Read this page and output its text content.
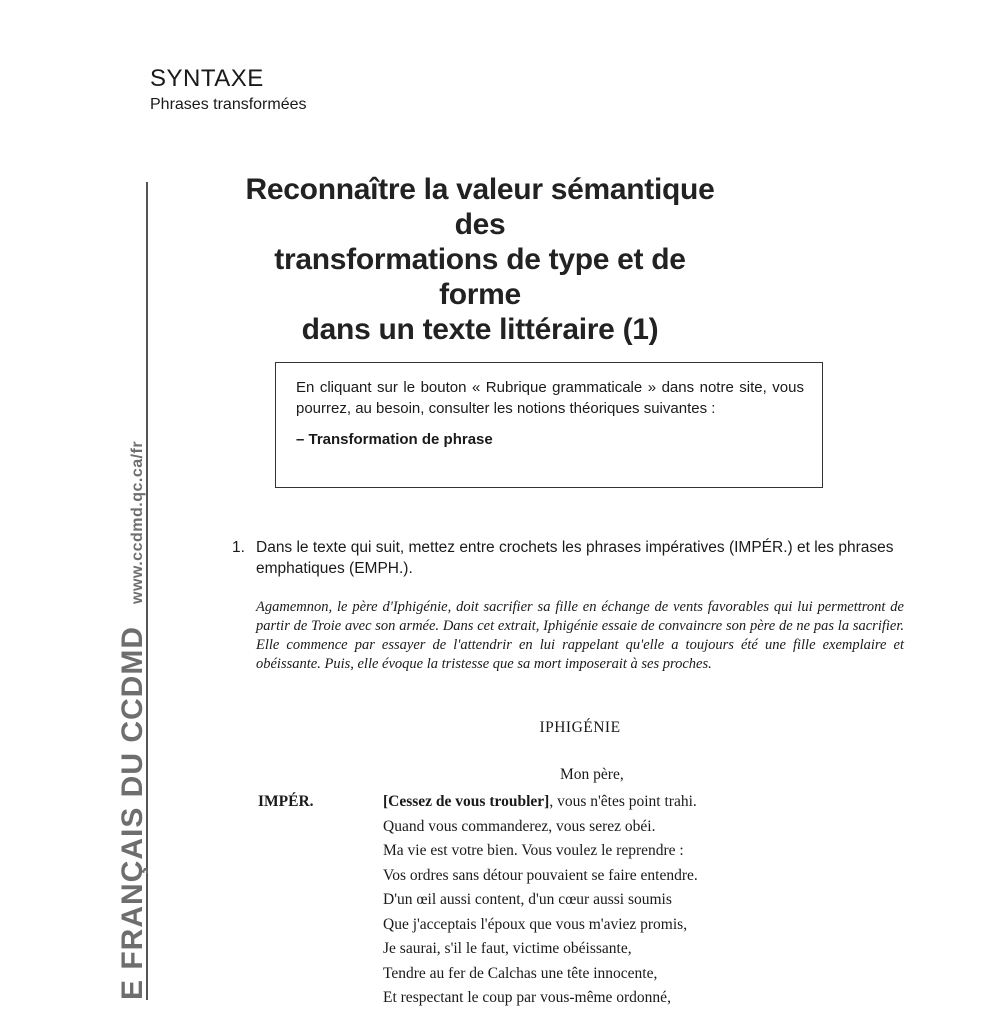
SYNTAXE
Phrases transformées
E FRANÇAIS DU CCDMDwww.ccdmd.qc.ca/fr
Reconnaître la valeur sémantique des
transformations de type et de forme
dans un texte littéraire (1)
En cliquant sur le bouton « Rubrique grammaticale » dans notre site, vous pourrez, au besoin, consulter les notions théoriques suivantes :
– Transformation de phrase
1. Dans le texte qui suit, mettez entre crochets les phrases impératives (IMPÉR.) et les phrases emphatiques (EMPH.).
Agamemnon, le père d'Iphigénie, doit sacrifier sa fille en échange de vents favorables qui lui permettront de partir de Troie avec son armée. Dans cet extrait, Iphigénie essaie de convaincre son père de ne pas la sacrifier. Elle commence par essayer de l'attendrir en lui rappelant qu'elle a toujours été une fille exemplaire et obéissante. Puis, elle évoque la tristesse que sa mort imposerait à ses proches.
IPHIGÉNIE
Mon père,
IMPÉR.	[Cessez de vous troubler], vous n'êtes point trahi.
Quand vous commanderez, vous serez obéi.
Ma vie est votre bien. Vous voulez le reprendre :
Vos ordres sans détour pouvaient se faire entendre.
D'un œil aussi content, d'un cœur aussi soumis
Que j'acceptais l'époux que vous m'aviez promis,
Je saurai, s'il le faut, victime obéissante,
Tendre au fer de Calchas une tête innocente,
Et respectant le coup par vous-même ordonné,
